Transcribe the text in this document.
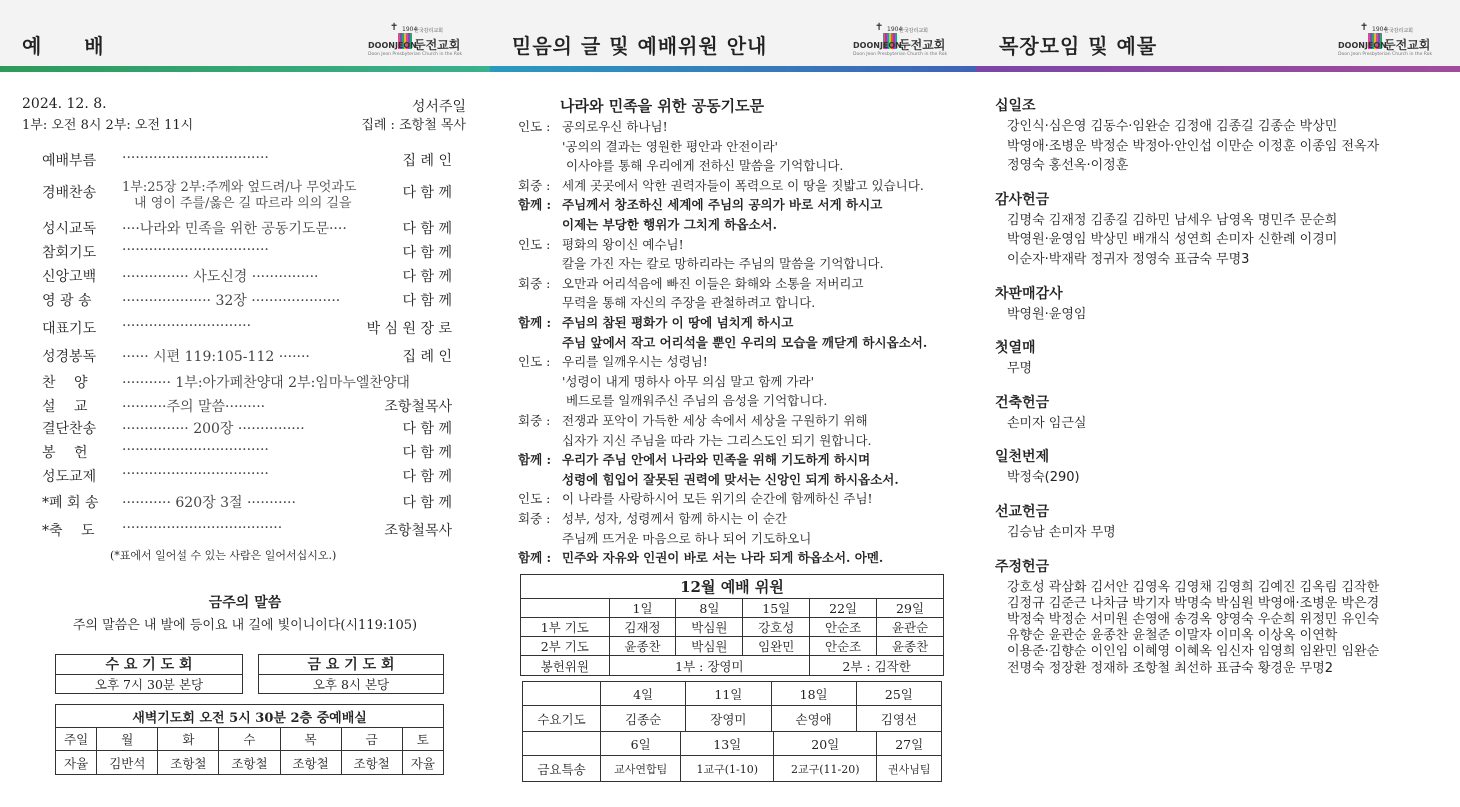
예 배
✝ 1904
DOONJEON
한국감리교회
둔전교회
Doon Jeon Presbyterian Church in the Rok
2024. 12. 8.	성서주일
1부: 오전 8시 2부: 오전 11시	집례 : 조항철 목사
예배부름 ·································	집 례 인
경배찬송 1부:25장 2부:주께와 엎드려/나 무엇과도
내 영이 주를/옳은 길 따르라 의의 길을
다 함 께
성시교독 ····나라와 민족을 위한 공동기도문····	다 함 께
참회기도 ·································	다 함 께
신앙고백 ··············· 사도신경 ···············	다 함 께
영 광 송 ···················· 32장 ····················	다 함 께
대표기도 ·····························	박 심 원 장 로
성경봉독 ······ 시편 119:105-112 ·······	집 례 인
찬　 양 ··········· 1부:아가페찬양대 2부:임마누엘찬양대
설　 교 ··········주의 말씀·········	조항철목사
결단찬송 ··············· 200장 ···············	다 함 께
봉　 헌 ·································	다 함 께
성도교제 ·································	다 함 께
*폐 회 송 ··········· 620장 3절 ···········	다 함 께
*축　 도 ····································	조항철목사
(*표에서 일어설 수 있는 사람은 일어서십시오.)
금주의 말씀
주의 말씀은 내 발에 등이요 내 길에 빛이니이다(시119:105)
수 요 기 도 회
오후 7시 30분 본당
금 요 기 도 회
오후 8시 본당
새벽기도회 오전 5시 30분 2층 중예배실						
주일	월	화	수	목	금	토
자율	김반석	조항철	조항철	조항철	조항철	자율
믿음의 글 및 예배위원 안내
✝ 1904
DOONJEON
한국감리교회
둔전교회
Doon Jeon Presbyterian Church in the Rok
나라와 민족을 위한 공동기도문
인도 : 공의로우신 하나님!
'공의의 결과는 영원한 평안과 안전이라'
이사야를 통해 우리에게 전하신 말씀을 기억합니다.
회중 : 세계 곳곳에서 악한 권력자들이 폭력으로 이 땅을 짓밟고 있습니다.
함께 : 주님께서 창조하신 세계에 주님의 공의가 바로 서게 하시고
이제는 부당한 행위가 그치게 하옵소서.
인도 : 평화의 왕이신 예수님!
칼을 가진 자는 칼로 망하리라는 주님의 말씀을 기억합니다.
회중 : 오만과 어리석음에 빠진 이들은 화해와 소통을 저버리고
무력을 통해 자신의 주장을 관철하려고 합니다.
함께 : 주님의 참된 평화가 이 땅에 넘치게 하시고
주님 앞에서 작고 어리석을 뿐인 우리의 모습을 깨닫게 하시옵소서.
인도 : 우리를 일깨우시는 성령님!
'성령이 내게 명하사 아무 의심 말고 함께 가라'
베드로를 일깨워주신 주님의 음성을 기억합니다.
회중 : 전쟁과 포악이 가득한 세상 속에서 세상을 구원하기 위해
십자가 지신 주님을 따라 가는 그리스도인 되기 원합니다.
함께 : 우리가 주님 안에서 나라와 민족을 위해 기도하게 하시며
성령에 힘입어 잘못된 권력에 맞서는 신앙인 되게 하시옵소서.
인도 : 이 나라를 사랑하시어 모든 위기의 순간에 함께하신 주님!
회중 : 성부, 성자, 성령께서 함께 하시는 이 순간
주님께 뜨거운 마음으로 하나 되어 기도하오니
함께 : 민주와 자유와 인권이 바로 서는 나라 되게 하옵소서. 아멘.
12월 예배 위원					
	1일	8일	15일	22일	29일
1부 기도	김재정	박심원	강호성	안순조	윤관순
2부 기도	윤종찬	박심원	임완민	안순조	윤종찬
봉헌위원	1부 : 장영미			2부 : 김작한	
	4일	11일	18일	25일
수요기도	김종순	장영미	손영애	김영선
	6일	13일	20일	27일
금요특송	교사연합팀	1교구(1-10)	2교구(11-20)	권사님팀
목장모임 및 예물
✝ 1904
DOONJEON
한국감리교회
둔전교회
Doon Jeon Presbyterian Church in the Rok
십일조
강인식·심은영 김동수·임완순 김정애 김종길 김종순 박상민
박영애·조병운 박정순 박정아·안인섭 이만순 이정훈 이종임 전옥자
정영숙 홍선옥·이정훈
감사헌금
김명숙 김재정 김종길 김하민 남세우 남영옥 명민주 문순희
박영원·윤영임 박상민 배개식 성연희 손미자 신한례 이경미
이순자·박재락 정귀자 정영숙 표금숙 무명3
차판매감사
박영원·윤영임
첫열매
무명
건축헌금
손미자 임근실
일천번제
박정숙(290)
선교헌금
김승남 손미자 무명
주정헌금
강호성 곽삼화 김서안 김영옥 김영채 김영희 김예진 김옥림 김작한
김정규 김준근 나차금 박기자 박명숙 박심원 박영애·조병운 박은경
박정숙 박정순 서미원 손영애 송경옥 양영숙 우순희 위정민 유인숙
유향순 윤관순 윤종찬 윤철준 이말자 이미옥 이상옥 이연학
이용준·김향순 이인임 이혜영 이혜옥 임신자 임영희 임완민 임완순
전명숙 정장환 정재하 조항철 최선하 표금숙 황경운 무명2
